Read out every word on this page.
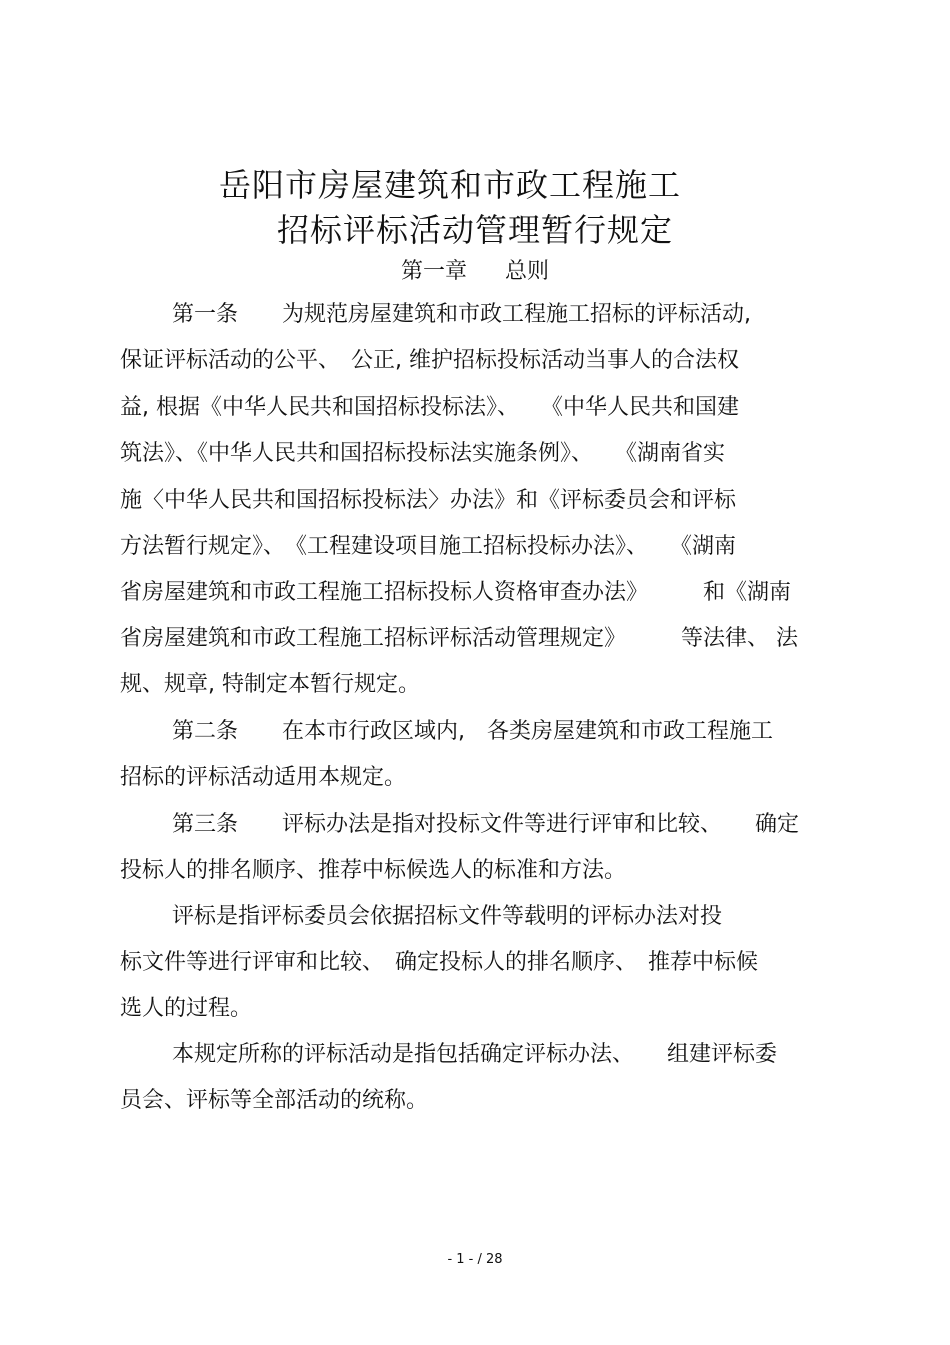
岳阳市房屋建筑和市政工程施工
招标评标活动管理暂行规定
第一章 总则
第一条　　为规范房屋建筑和市政工程施工招标的评标活动,
保证评标活动的公平、　公正, 维护招标投标活动当事人的合法权
益, 根据《中华人民共和国招标投标法》、　　《中华人民共和国建
筑法》、《中华人民共和国招标投标法实施条例》、　　《湖南省实
施〈中华人民共和国招标投标法〉办法》和《评标委员会和评标
方法暂行规定》、　《工程建设项目施工招标投标办法》、　　《湖南
省房屋建筑和市政工程施工招标投标人资格审查办法》　　　和《湖南
省房屋建筑和市政工程施工招标评标活动管理规定》　　　等法律、 法
规、规章, 特制定本暂行规定。
第二条　　在本市行政区域内,　各类房屋建筑和市政工程施工
招标的评标活动适用本规定。
第三条　　评标办法是指对投标文件等进行评审和比较、　　确定
投标人的排名顺序、推荐中标候选人的标准和方法。
评标是指评标委员会依据招标文件等载明的评标办法对投
标文件等进行评审和比较、　确定投标人的排名顺序、　推荐中标候
选人的过程。
本规定所称的评标活动是指包括确定评标办法、　　组建评标委
员会、评标等全部活动的统称。
- 1 - / 28
